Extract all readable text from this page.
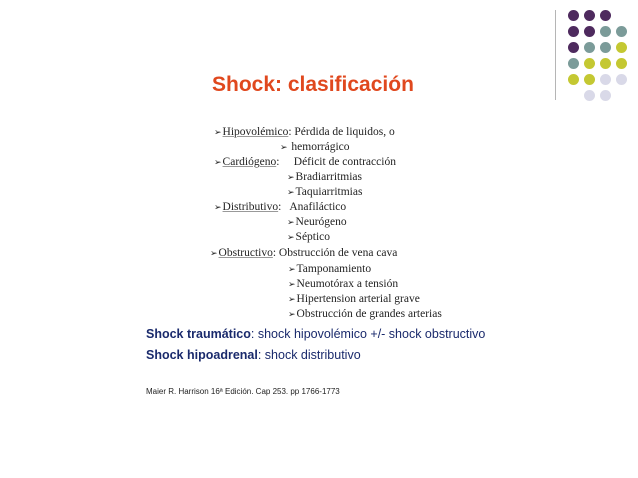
Shock: clasificación
➢Hipovolémico: Pérdida de liquidos, o
➢ hemorrágico
➢Cardiógeno:     Déficit de contracción
➢Bradiarritmias
➢Taquiarritmias
➢Distributivo:   Anafiláctico
➢Neurógeno
➢Séptico
➢Obstructivo: Obstrucción de vena cava
➢Tamponamiento
➢Neumotórax a tensión
➢Hipertension arterial grave
➢Obstrucción de grandes arterias
Shock traumático: shock hipovolémico +/- shock obstructivo
Shock hipoadrenal: shock distributivo
Maier R. Harrison 16ª Edición. Cap 253. pp 1766-1773
